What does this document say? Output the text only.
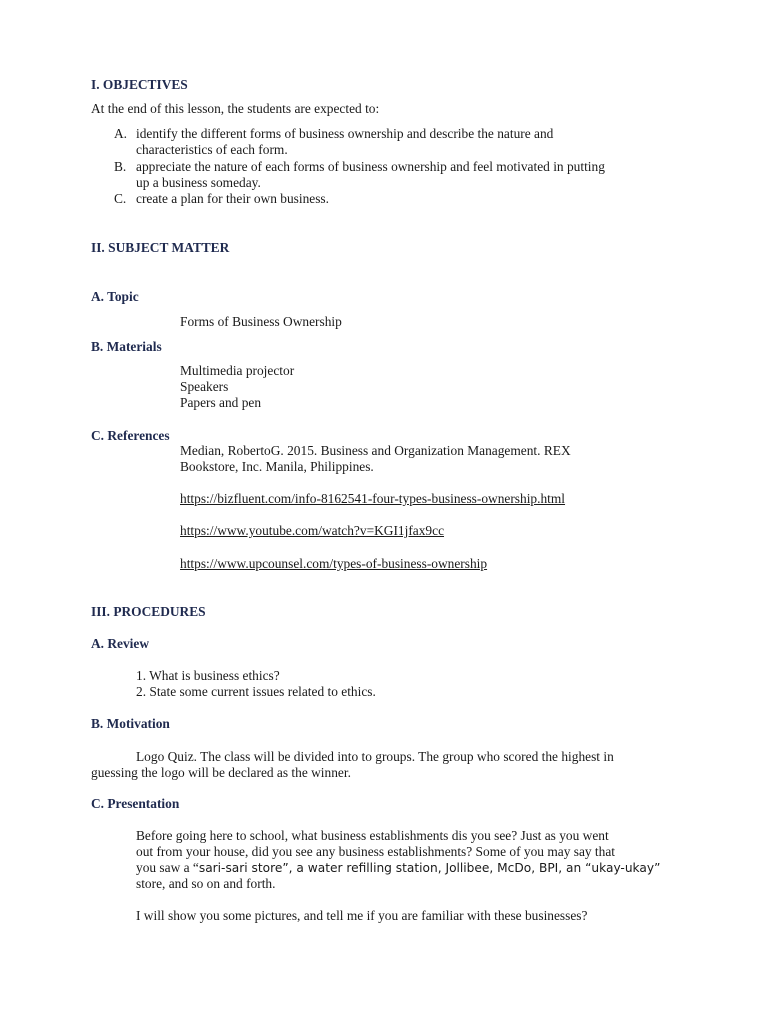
I. OBJECTIVES
At the end of this lesson, the students are expected to:
A. identify the different forms of business ownership and describe the nature and
characteristics of each form.
B. appreciate the nature of each forms of business ownership and feel motivated in putting
up a business someday.
C. create a plan for their own business.
II. SUBJECT MATTER
A. Topic
Forms of Business Ownership
B. Materials
Multimedia projector
Speakers
Papers and pen
C. References
Median, RobertoG. 2015. Business and Organization Management. REX
Bookstore, Inc. Manila, Philippines.
https://bizfluent.com/info-8162541-four-types-business-ownership.html
https://www.youtube.com/watch?v=KGI1jfax9cc
https://www.upcounsel.com/types-of-business-ownership
III. PROCEDURES
A. Review
1. What is business ethics?
2. State some current issues related to ethics.
B. Motivation
Logo Quiz. The class will be divided into to groups. The group who scored the highest in
guessing the logo will be declared as the winner.
C. Presentation
Before going here to school, what business establishments dis you see? Just as you went
out from your house, did you see any business establishments? Some of you may say that
you saw a “sari-sari store”, a water refilling station, Jollibee, McDo, BPI, an “ukay-ukay”
store, and so on and forth.
I will show you some pictures, and tell me if you are familiar with these businesses?
